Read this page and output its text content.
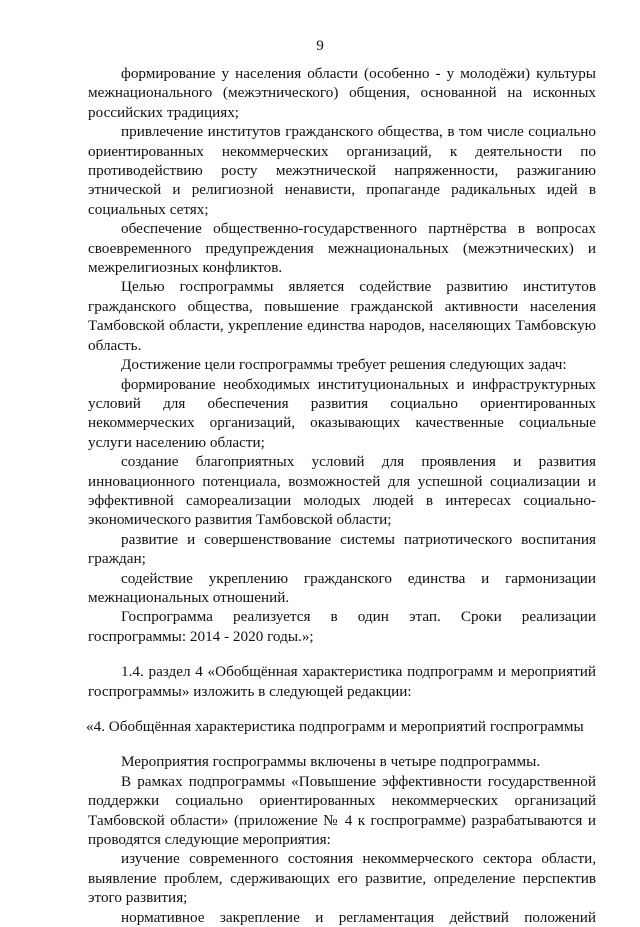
9

формирование у населения области (особенно - у молодёжи) культуры межнационального (межэтнического) общения, основанной на исконных российских традициях;

привлечение институтов гражданского общества, в том числе социально ориентированных некоммерческих организаций, к деятельности по противодействию росту межэтнической напряженности, разжиганию этнической и религиозной ненависти, пропаганде радикальных идей в социальных сетях;

обеспечение общественно-государственного партнёрства в вопросах своевременного предупреждения межнациональных (межэтнических) и межрелигиозных конфликтов.

Целью госпрограммы является содействие развитию институтов гражданского общества, повышение гражданской активности населения Тамбовской области, укрепление единства народов, населяющих Тамбовскую область.

Достижение цели госпрограммы требует решения следующих задач:

формирование необходимых институциональных и инфраструктурных условий для обеспечения развития социально ориентированных некоммерческих организаций, оказывающих качественные социальные услуги населению области;

создание благоприятных условий для проявления и развития инновационного потенциала, возможностей для успешной социализации и эффективной самореализации молодых людей в интересах социально-экономического развития Тамбовской области;

развитие и совершенствование системы патриотического воспитания граждан;

содействие укреплению гражданского единства и гармонизации межнациональных отношений.

Госпрограмма реализуется в один этап. Сроки реализации госпрограммы: 2014 - 2020 годы.»;

1.4. раздел 4 «Обобщённая характеристика подпрограмм и мероприятий госпрограммы» изложить в следующей редакции:

«4. Обобщённая характеристика подпрограмм и мероприятий госпрограммы

Мероприятия госпрограммы включены в четыре подпрограммы.

В рамках подпрограммы «Повышение эффективности государственной поддержки социально ориентированных некоммерческих организаций Тамбовской области» (приложение № 4 к госпрограмме) разрабатываются и проводятся следующие мероприятия:

изучение современного состояния некоммерческого сектора области, выявление проблем, сдерживающих его развитие, определение перспектив этого развития;

нормативное закрепление и регламентация действий положений
